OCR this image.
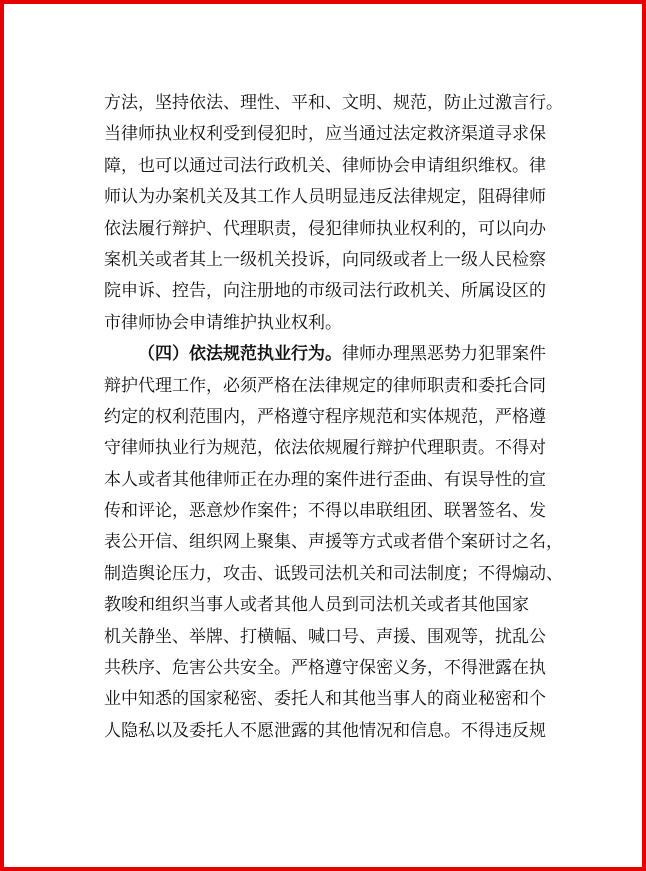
方法，坚持依法、理性、平和、文明、规范，防止过激言行。
当律师执业权利受到侵犯时，应当通过法定救济渠道寻求保
障，也可以通过司法行政机关、律师协会申请组织维权。律
师认为办案机关及其工作人员明显违反法律规定，阻碍律师
依法履行辩护、代理职责，侵犯律师执业权利的，可以向办
案机关或者其上一级机关投诉，向同级或者上一级人民检察
院申诉、控告，向注册地的市级司法行政机关、所属设区的
市律师协会申请维护执业权利。
（四）依法规范执业行为。律师办理黑恶势力犯罪案件
辩护代理工作，必须严格在法律规定的律师职责和委托合同
约定的权利范围内，严格遵守程序规范和实体规范，严格遵
守律师执业行为规范，依法依规履行辩护代理职责。不得对
本人或者其他律师正在办理的案件进行歪曲、有误导性的宣
传和评论，恶意炒作案件；不得以串联组团、联署签名、发
表公开信、组织网上聚集、声援等方式或者借个案研讨之名，
制造舆论压力，攻击、诋毁司法机关和司法制度；不得煽动、
教唆和组织当事人或者其他人员到司法机关或者其他国家
机关静坐、举牌、打横幅、喊口号、声援、围观等，扰乱公
共秩序、危害公共安全。严格遵守保密义务，不得泄露在执
业中知悉的国家秘密、委托人和其他当事人的商业秘密和个
人隐私以及委托人不愿泄露的其他情况和信息。不得违反规
